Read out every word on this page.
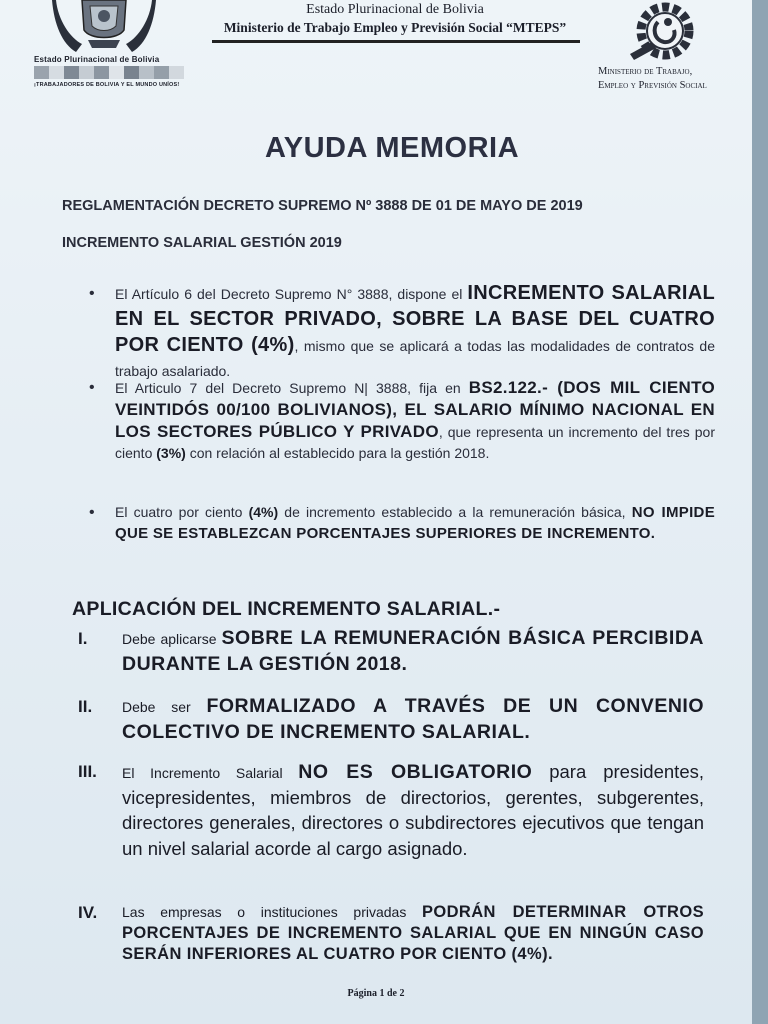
Estado Plurinacional de Bolivia
¡TRABAJADORES DE BOLIVIA Y EL MUNDO UNÍOS!
Estado Plurinacional de Bolivia
Ministerio de Trabajo Empleo y Previsión Social “MTEPS”
Ministerio de Trabajo,
Empleo y Previsión Social
AYUDA MEMORIA
REGLAMENTACIÓN DECRETO SUPREMO Nº 3888 DE 01 DE MAYO DE 2019
INCREMENTO SALARIAL GESTIÓN 2019
• El Artículo 6 del Decreto Supremo N° 3888, dispone el INCREMENTO SALARIAL EN EL SECTOR PRIVADO, SOBRE LA BASE DEL CUATRO POR CIENTO (4%), mismo que se aplicará a todas las modalidades de contratos de trabajo asalariado.
• El Articulo 7 del Decreto Supremo N| 3888, fija en BS2.122.- (DOS MIL CIENTO VEINTIDÓS 00/100 BOLIVIANOS), EL SALARIO MÍNIMO NACIONAL EN LOS SECTORES PÚBLICO Y PRIVADO, que representa un incremento del tres por ciento (3%) con relación al establecido para la gestión 2018.
• El cuatro por ciento (4%) de incremento establecido a la remuneración básica, NO IMPIDE QUE SE ESTABLEZCAN PORCENTAJES SUPERIORES DE INCREMENTO.
APLICACIÓN DEL INCREMENTO SALARIAL.-
I. Debe aplicarse SOBRE LA REMUNERACIÓN BÁSICA PERCIBIDA DURANTE LA GESTIÓN 2018.
II. Debe ser FORMALIZADO A TRAVÉS DE UN CONVENIO COLECTIVO DE INCREMENTO SALARIAL.
III. El Incremento Salarial NO ES OBLIGATORIO para presidentes, vicepresidentes, miembros de directorios, gerentes, subgerentes, directores generales, directores o subdirectores ejecutivos que tengan un nivel salarial acorde al cargo asignado.
IV. Las empresas o instituciones privadas PODRÁN DETERMINAR OTROS PORCENTAJES DE INCREMENTO SALARIAL QUE EN NINGÚN CASO SERÁN INFERIORES AL CUATRO POR CIENTO (4%).
Página 1 de 2
